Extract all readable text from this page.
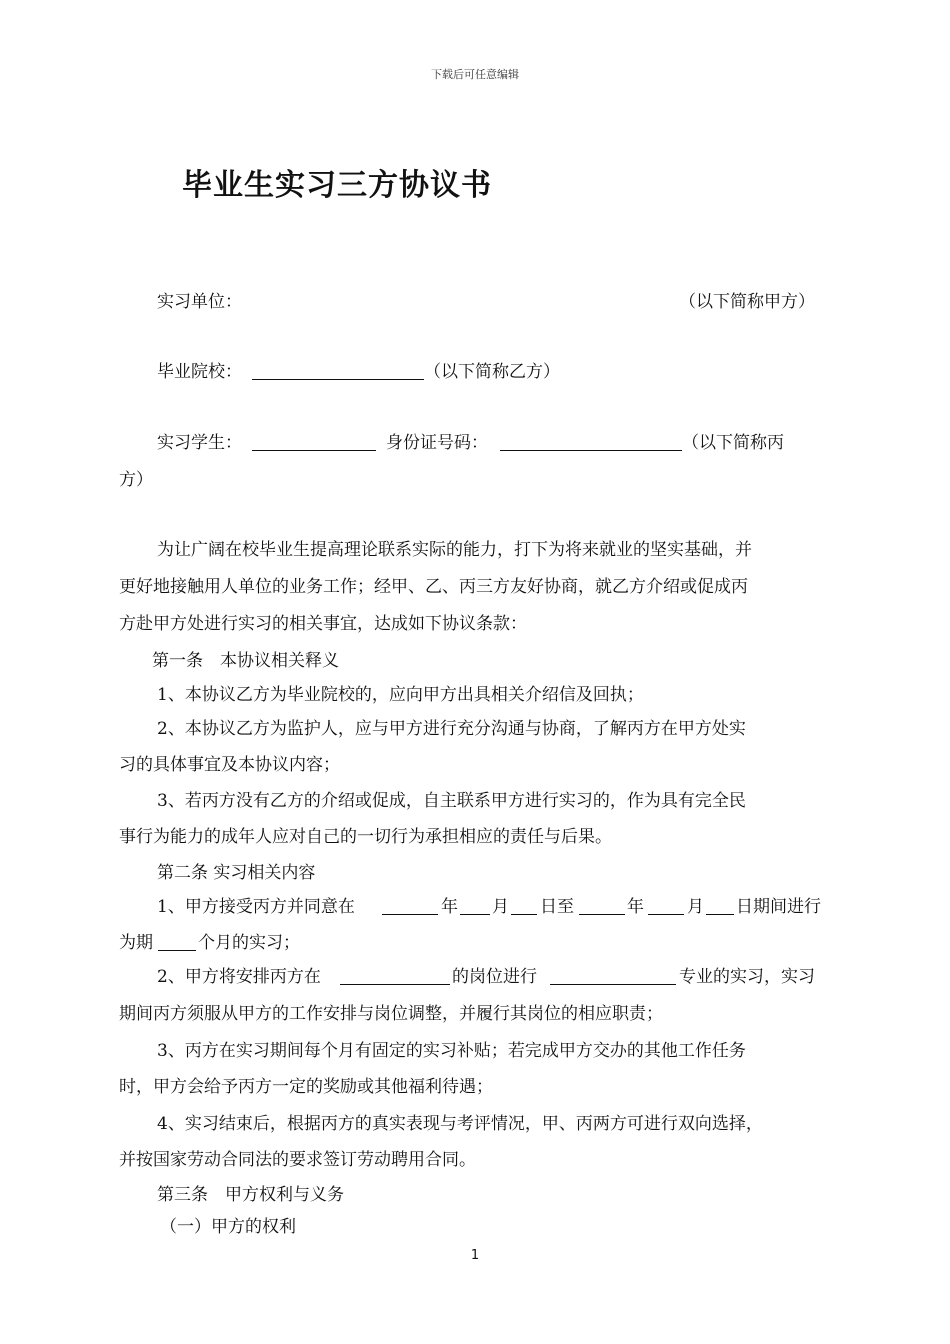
下载后可任意编辑
毕业生实习三方协议书
实习单位：	（以下简称甲方）
毕业院校：	（以下简称乙方）
实习学生：	身份证号码：	（以下简称丙
方）
为让广阔在校毕业生提高理论联系实际的能力，打下为将来就业的坚实基础，并
更好地接触用人单位的业务工作；经甲、乙、丙三方友好协商，就乙方介绍或促成丙
方赴甲方处进行实习的相关事宜，达成如下协议条款：
第一条　本协议相关释义
1、本协议乙方为毕业院校的，应向甲方出具相关介绍信及回执；
2、本协议乙方为监护人，应与甲方进行充分沟通与协商，了解丙方在甲方处实
习的具体事宜及本协议内容；
3、若丙方没有乙方的介绍或促成，自主联系甲方进行实习的，作为具有完全民
事行为能力的成年人应对自己的一切行为承担相应的责任与后果。
第二条 实习相关内容
1、甲方接受丙方并同意在	年 月 日至	年	月 日期间进行
为期	个月的实习；
2、甲方将安排丙方在	的岗位进行	专业的实习，实习
期间丙方须服从甲方的工作安排与岗位调整，并履行其岗位的相应职责；
3、丙方在实习期间每个月有固定的实习补贴；若完成甲方交办的其他工作任务
时，甲方会给予丙方一定的奖励或其他福利待遇；
4、实习结束后，根据丙方的真实表现与考评情况，甲、丙两方可进行双向选择，
并按国家劳动合同法的要求签订劳动聘用合同。
第三条　甲方权利与义务
（一）甲方的权利
1
